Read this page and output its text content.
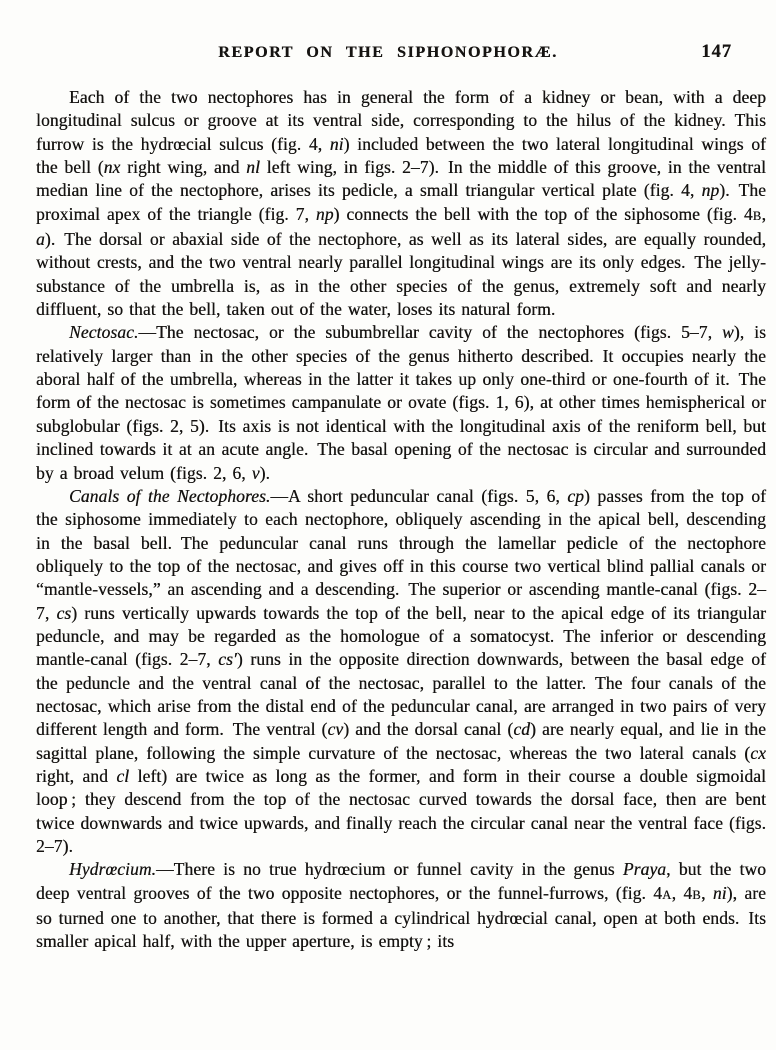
REPORT ON THE SIPHONOPHORÆ.	147

Each of the two nectophores has in general the form of a kidney or bean, with a deep longitudinal sulcus or groove at its ventral side, corresponding to the hilus of the kidney. This furrow is the hydrœcial sulcus (fig. 4, ni) included between the two lateral longitudinal wings of the bell (nx right wing, and nl left wing, in figs. 2–7). In the middle of this groove, in the ventral median line of the nectophore, arises its pedicle, a small triangular vertical plate (fig. 4, np). The proximal apex of the triangle (fig. 7, np) connects the bell with the top of the siphosome (fig. 4B, a). The dorsal or abaxial side of the nectophore, as well as its lateral sides, are equally rounded, without crests, and the two ventral nearly parallel longitudinal wings are its only edges. The jelly-substance of the umbrella is, as in the other species of the genus, extremely soft and nearly diffluent, so that the bell, taken out of the water, loses its natural form.

Nectosac.—The nectosac, or the subumbrellar cavity of the nectophores (figs. 5–7, w), is relatively larger than in the other species of the genus hitherto described. It occupies nearly the aboral half of the umbrella, whereas in the latter it takes up only one-third or one-fourth of it. The form of the nectosac is sometimes campanulate or ovate (figs. 1, 6), at other times hemispherical or subglobular (figs. 2, 5). Its axis is not identical with the longitudinal axis of the reniform bell, but inclined towards it at an acute angle. The basal opening of the nectosac is circular and surrounded by a broad velum (figs. 2, 6, v).

Canals of the Nectophores.—A short peduncular canal (figs. 5, 6, cp) passes from the top of the siphosome immediately to each nectophore, obliquely ascending in the apical bell, descending in the basal bell. The peduncular canal runs through the lamellar pedicle of the nectophore obliquely to the top of the nectosac, and gives off in this course two vertical blind pallial canals or “mantle-vessels,” an ascending and a descending. The superior or ascending mantle-canal (figs. 2–7, cs) runs vertically upwards towards the top of the bell, near to the apical edge of its triangular peduncle, and may be regarded as the homologue of a somatocyst. The inferior or descending mantle-canal (figs. 2–7, cs′) runs in the opposite direction downwards, between the basal edge of the peduncle and the ventral canal of the nectosac, parallel to the latter. The four canals of the nectosac, which arise from the distal end of the peduncular canal, are arranged in two pairs of very different length and form. The ventral (cv) and the dorsal canal (cd) are nearly equal, and lie in the sagittal plane, following the simple curvature of the nectosac, whereas the two lateral canals (cx right, and cl left) are twice as long as the former, and form in their course a double sigmoidal loop ; they descend from the top of the nectosac curved towards the dorsal face, then are bent twice downwards and twice upwards, and finally reach the circular canal near the ventral face (figs. 2–7).

Hydrœcium.—There is no true hydrœcium or funnel cavity in the genus Praya, but the two deep ventral grooves of the two opposite nectophores, or the funnel-furrows, (fig. 4A, 4B, ni), are so turned one to another, that there is formed a cylindrical hydrœcial canal, open at both ends. Its smaller apical half, with the upper aperture, is empty ; its
